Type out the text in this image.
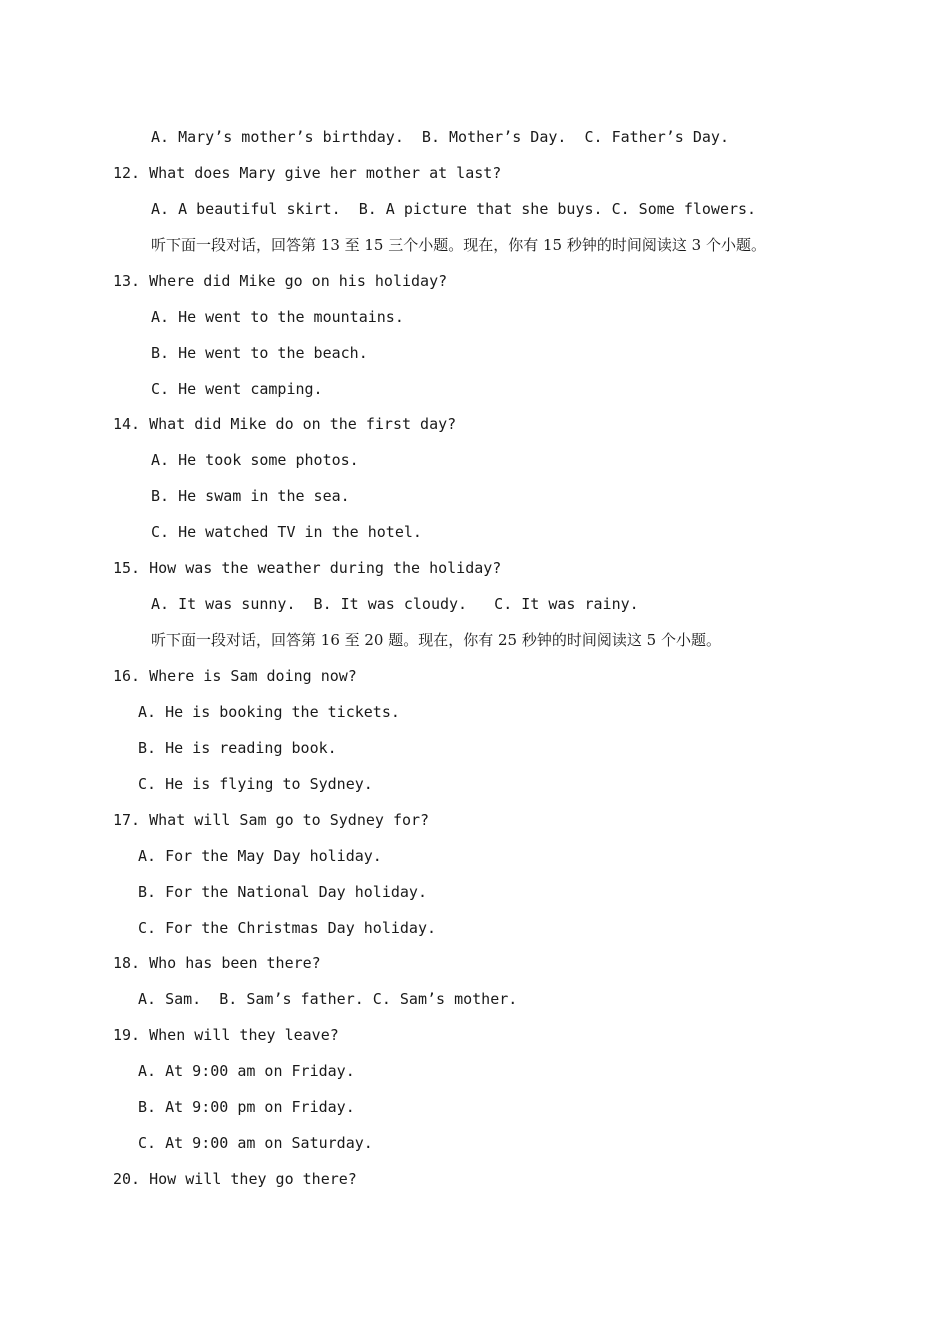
A. Mary’s mother’s birthday.  B. Mother’s Day.  C. Father’s Day.
12. What does Mary give her mother at last?
A. A beautiful skirt.  B. A picture that she buys. C. Some flowers.
听下面一段对话，回答第 13 至 15 三个小题。现在，你有 15 秒钟的时间阅读这 3 个小题。
13. Where did Mike go on his holiday?
A. He went to the mountains.
B. He went to the beach.
C. He went camping.
14. What did Mike do on the first day?
A. He took some photos.
B. He swam in the sea.
C. He watched TV in the hotel.
15. How was the weather during the holiday?
A. It was sunny.  B. It was cloudy.   C. It was rainy.
听下面一段对话，回答第 16 至 20 题。现在，你有 25 秒钟的时间阅读这 5 个小题。
16. Where is Sam doing now?
A. He is booking the tickets.
B. He is reading book.
C. He is flying to Sydney.
17. What will Sam go to Sydney for?
A. For the May Day holiday.
B. For the National Day holiday.
C. For the Christmas Day holiday.
18. Who has been there?
A. Sam.  B. Sam’s father. C. Sam’s mother.
19. When will they leave?
A. At 9:00 am on Friday.
B. At 9:00 pm on Friday.
C. At 9:00 am on Saturday.
20. How will they go there?
